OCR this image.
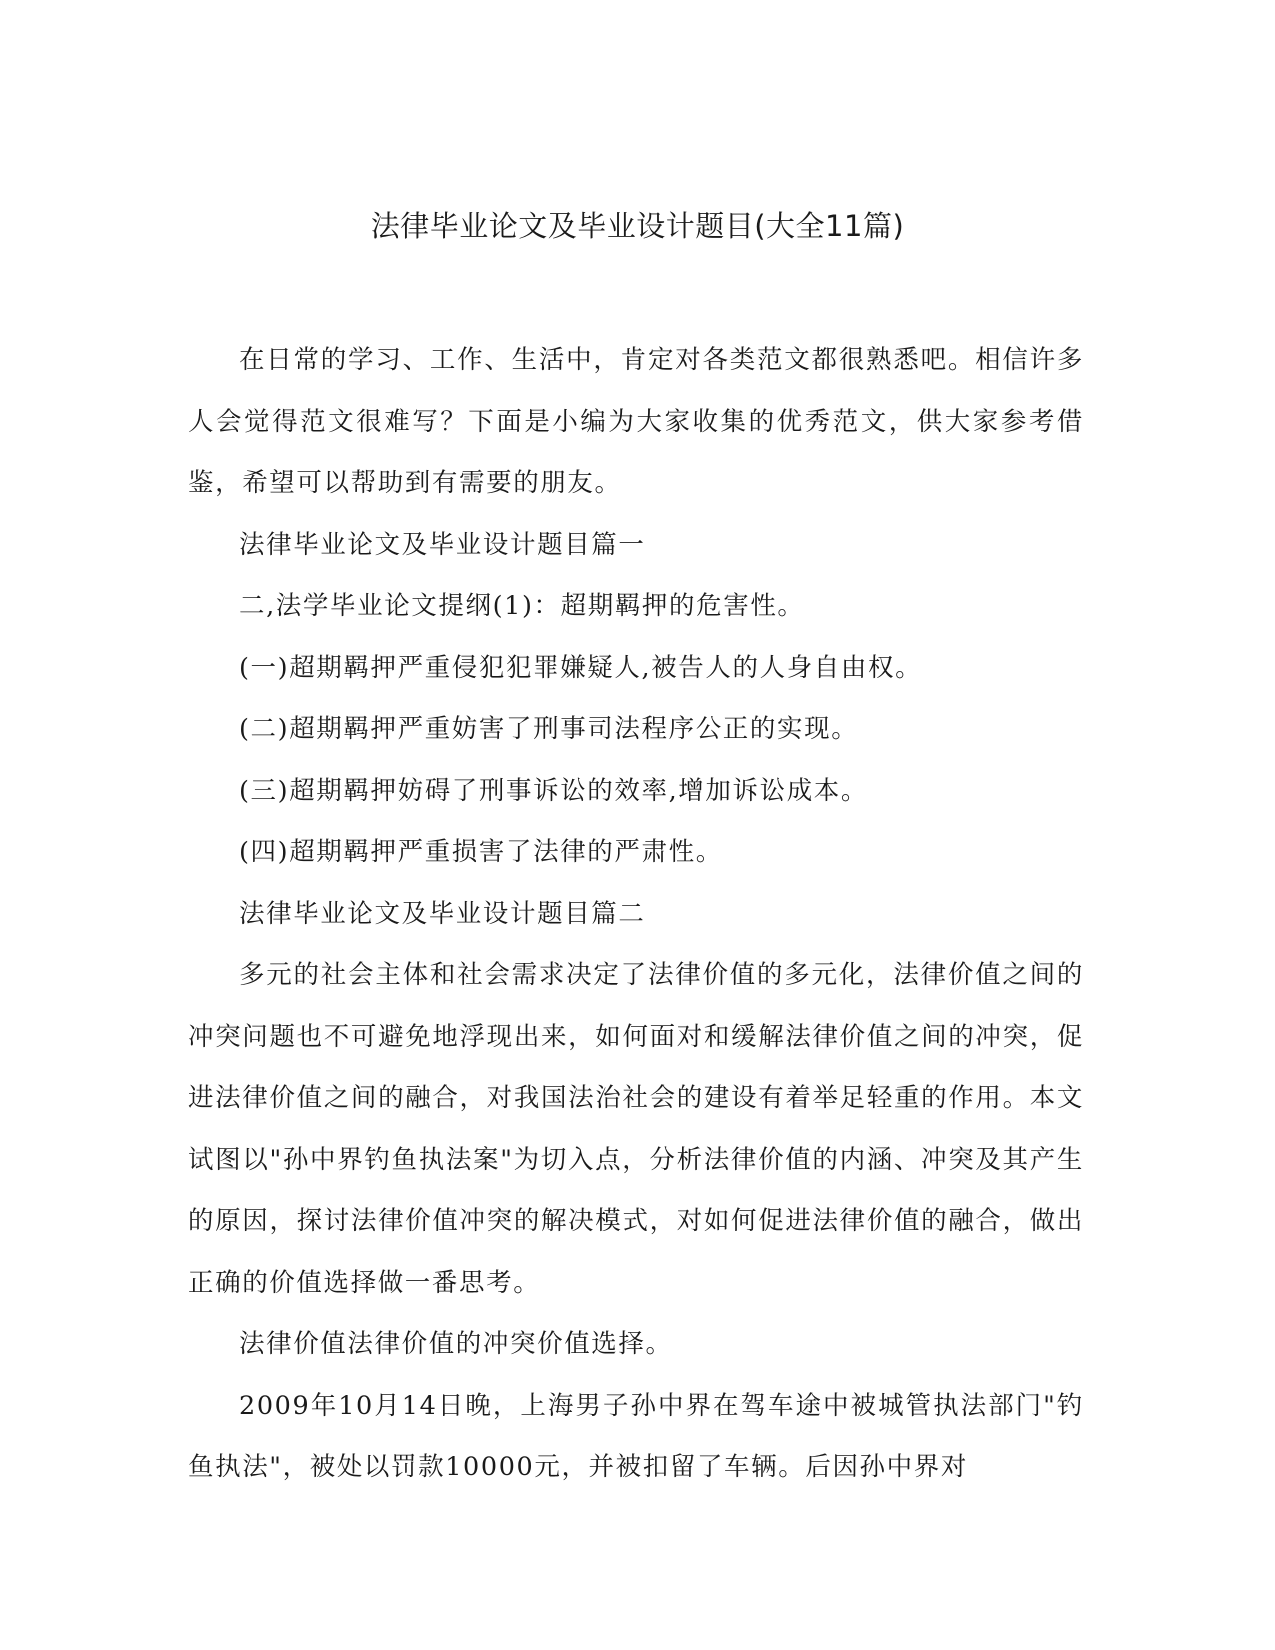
法律毕业论文及毕业设计题目(大全11篇)

在日常的学习、工作、生活中，肯定对各类范文都很熟悉吧。相信许多人会觉得范文很难写？下面是小编为大家收集的优秀范文，供大家参考借鉴，希望可以帮助到有需要的朋友。

法律毕业论文及毕业设计题目篇一

二,法学毕业论文提纲(1)：超期羁押的危害性。

(一)超期羁押严重侵犯犯罪嫌疑人,被告人的人身自由权。

(二)超期羁押严重妨害了刑事司法程序公正的实现。

(三)超期羁押妨碍了刑事诉讼的效率,增加诉讼成本。

(四)超期羁押严重损害了法律的严肃性。

法律毕业论文及毕业设计题目篇二

多元的社会主体和社会需求决定了法律价值的多元化，法律价值之间的冲突问题也不可避免地浮现出来，如何面对和缓解法律价值之间的冲突，促进法律价值之间的融合，对我国法治社会的建设有着举足轻重的作用。本文试图以"孙中界钓鱼执法案"为切入点，分析法律价值的内涵、冲突及其产生的原因，探讨法律价值冲突的解决模式，对如何促进法律价值的融合，做出正确的价值选择做一番思考。

法律价值法律价值的冲突价值选择。

2009年10月14日晚，上海男子孙中界在驾车途中被城管执法部门"钓鱼执法"，被处以罚款10000元，并被扣留了车辆。后因孙中界对
